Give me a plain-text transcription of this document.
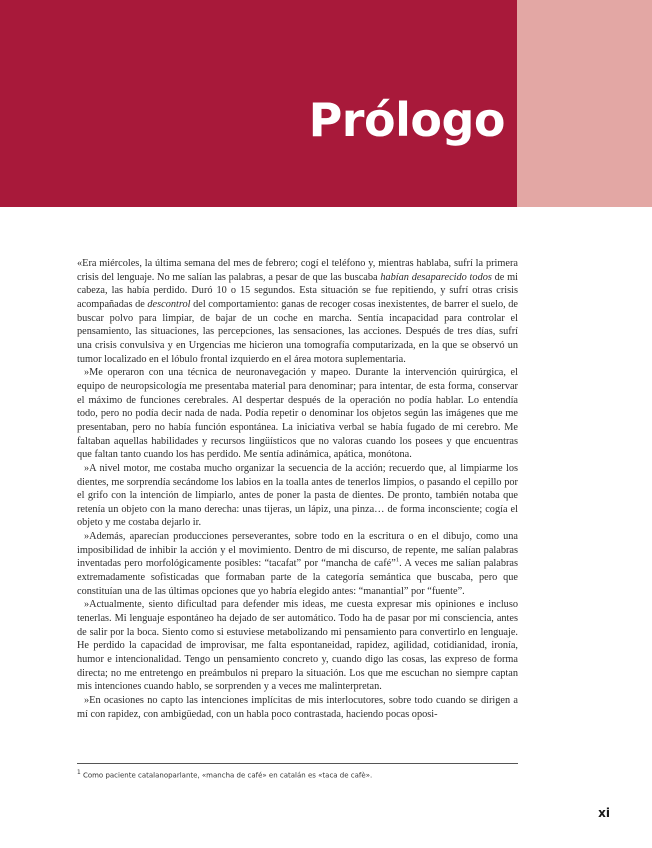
Prólogo

«Era miércoles, la última semana del mes de febrero; cogí el teléfono y, mientras hablaba, sufrí la primera crisis del lenguaje. No me salían las palabras, a pesar de que las buscaba habían desaparecido todos de mi cabeza, las había perdido. Duró 10 o 15 segundos. Esta situación se fue repitiendo, y sufrí otras crisis acompañadas de descontrol del comportamiento: ganas de recoger cosas inexistentes, de barrer el suelo, de buscar polvo para limpiar, de bajar de un coche en marcha. Sentía incapacidad para controlar el pensamiento, las situaciones, las percepciones, las sensaciones, las acciones. Después de tres días, sufrí una crisis convulsiva y en Urgencias me hicieron una tomografía computarizada, en la que se observó un tumor localizado en el lóbulo frontal izquierdo en el área motora suplementaria.

»Me operaron con una técnica de neuronavegación y mapeo. Durante la intervención quirúrgica, el equipo de neuropsicología me presentaba material para denominar; para intentar, de esta forma, conservar el máximo de funciones cerebrales. Al despertar después de la operación no podía hablar. Lo entendía todo, pero no podía decir nada de nada. Podía repetir o denominar los objetos según las imágenes que me presentaban, pero no había función espontánea. La iniciativa verbal se había fugado de mi cerebro. Me faltaban aquellas habilidades y recursos lingüísticos que no valoras cuando los posees y que encuentras que faltan tanto cuando los has perdido. Me sentía adinámica, apática, monótona.

»A nivel motor, me costaba mucho organizar la secuencia de la acción; recuerdo que, al limpiarme los dientes, me sorprendía secándome los labios en la toalla antes de tenerlos limpios, o pasando el cepillo por el grifo con la intención de limpiarlo, antes de poner la pasta de dientes. De pronto, también notaba que retenía un objeto con la mano derecha: unas tijeras, un lápiz, una pinza… de forma inconsciente; cogía el objeto y me costaba dejarlo ir.

»Además, aparecían producciones perseverantes, sobre todo en la escritura o en el dibujo, como una imposibilidad de inhibir la acción y el movimiento. Dentro de mi discurso, de repente, me salían palabras inventadas pero morfológicamente posibles: “tacafat” por “mancha de café”$^1$. A veces me salían palabras extremadamente sofisticadas que formaban parte de la categoría semántica que buscaba, pero que constituían una de las últimas opciones que yo habría elegido antes: “manantial” por “fuente”.

»Actualmente, siento dificultad para defender mis ideas, me cuesta expresar mis opiniones e incluso tenerlas. Mi lenguaje espontáneo ha dejado de ser automático. Todo ha de pasar por mi consciencia, antes de salir por la boca. Siento como si estuviese metabolizando mi pensamiento para convertirlo en lenguaje. He perdido la capacidad de improvisar, me falta espontaneidad, rapidez, agilidad, cotidianidad, ironía, humor e intencionalidad. Tengo un pensamiento concreto y, cuando digo las cosas, las expreso de forma directa; no me entretengo en preámbulos ni preparo la situación. Los que me escuchan no siempre captan mis intenciones cuando hablo, se sorprenden y a veces me malinterpretan.

»En ocasiones no capto las intenciones implícitas de mis interlocutores, sobre todo cuando se dirigen a mí con rapidez, con ambigüedad, con un habla poco contrastada, haciendo pocas oposi-

$^1$ Como paciente catalanoparlante, «mancha de café» en catalán es «taca de cafè».
xi
